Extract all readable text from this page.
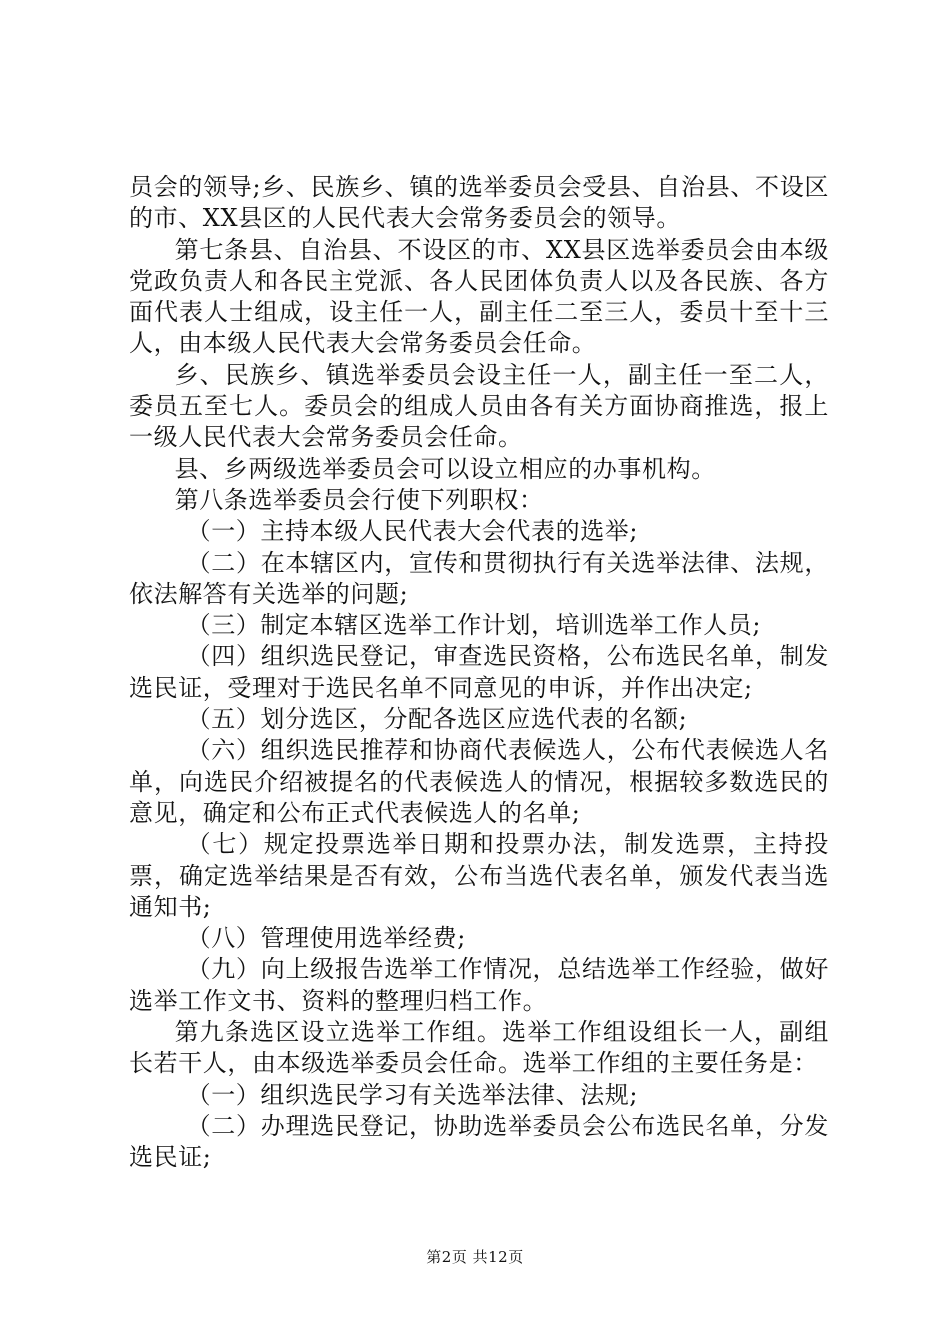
员会的领导;乡、民族乡、镇的选举委员会受县、自治县、不设区的市、XX县区的人民代表大会常务委员会的领导。

第七条县、自治县、不设区的市、XX县区选举委员会由本级党政负责人和各民主党派、各人民团体负责人以及各民族、各方面代表人士组成，设主任一人，副主任二至三人，委员十至十三人，由本级人民代表大会常务委员会任命。

乡、民族乡、镇选举委员会设主任一人，副主任一至二人，委员五至七人。委员会的组成人员由各有关方面协商推选，报上一级人民代表大会常务委员会任命。

县、乡两级选举委员会可以设立相应的办事机构。

第八条选举委员会行使下列职权：

（一）主持本级人民代表大会代表的选举;

（二）在本辖区内，宣传和贯彻执行有关选举法律、法规，依法解答有关选举的问题;

（三）制定本辖区选举工作计划，培训选举工作人员;

（四）组织选民登记，审查选民资格，公布选民名单，制发选民证，受理对于选民名单不同意见的申诉，并作出决定;

（五）划分选区，分配各选区应选代表的名额;

（六）组织选民推荐和协商代表候选人，公布代表候选人名单，向选民介绍被提名的代表候选人的情况，根据较多数选民的意见，确定和公布正式代表候选人的名单;

（七）规定投票选举日期和投票办法，制发选票，主持投票，确定选举结果是否有效，公布当选代表名单，颁发代表当选通知书;

（八）管理使用选举经费;

（九）向上级报告选举工作情况，总结选举工作经验，做好选举工作文书、资料的整理归档工作。

第九条选区设立选举工作组。选举工作组设组长一人，副组长若干人，由本级选举委员会任命。选举工作组的主要任务是：

（一）组织选民学习有关选举法律、法规;

（二）办理选民登记，协助选举委员会公布选民名单，分发选民证;

第2页 共12页
